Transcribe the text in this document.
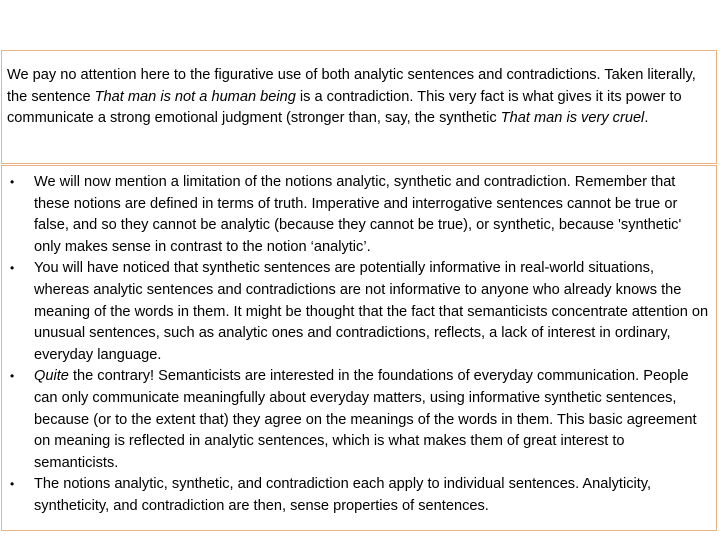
We pay no attention here to the figurative use of both analytic sentences and contradictions. Taken literally, the sentence That man is not a human being is a contradiction. This very fact is what gives it its power to communicate a strong emotional judgment (stronger than, say, the synthetic That man is very cruel.

• We will now mention a limitation of the notions analytic, synthetic and contradiction. Remember that these notions are defined in terms of truth. Imperative and interrogative sentences cannot be true or false, and so they cannot be analytic (because they cannot be true), or synthetic, because 'synthetic' only makes sense in contrast to the notion ‘analytic’.
• You will have noticed that synthetic sentences are potentially informative in real-world situations, whereas analytic sentences and contradictions are not informative to anyone who already knows the meaning of the words in them. It might be thought that the fact that semanticists concentrate attention on unusual sentences, such as analytic ones and contradictions, reflects, a lack of interest in ordinary, everyday language.
• Quite the contrary! Semanticists are interested in the foundations of everyday communication. People can only communicate meaningfully about everyday matters, using informative synthetic sentences, because (or to the extent that) they agree on the meanings of the words in them. This basic agreement on meaning is reflected in analytic sentences, which is what makes them of great interest to semanticists.
• The notions analytic, synthetic, and contradiction each apply to individual sentences. Analyticity, syntheticity, and contradiction are then, sense properties of sentences.
